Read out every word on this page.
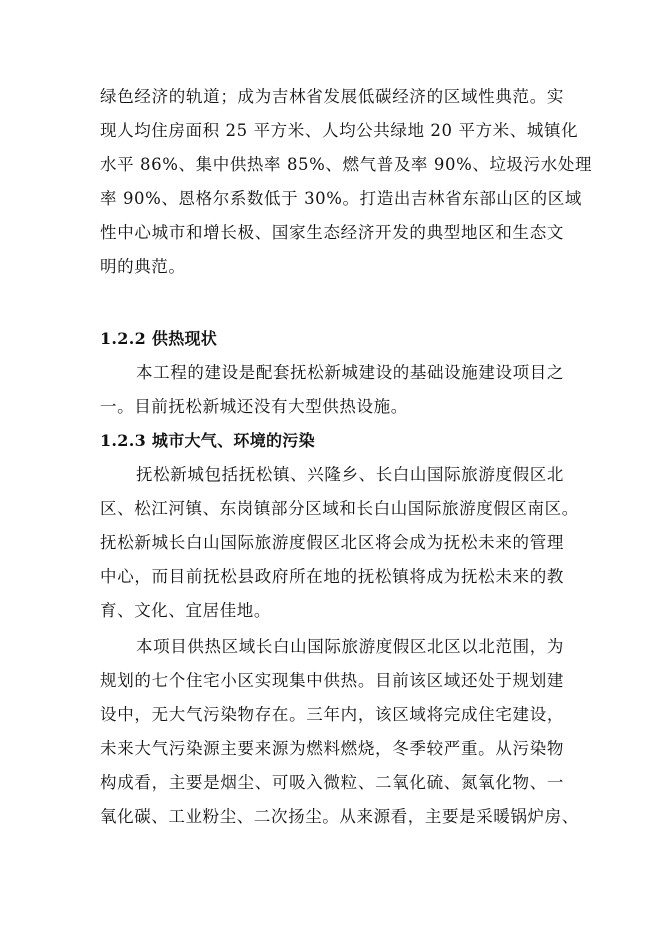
绿色经济的轨道；成为吉林省发展低碳经济的区域性典范。实
现人均住房面积 25 平方米、人均公共绿地 20 平方米、城镇化
水平 86%、集中供热率 85%、燃气普及率 90%、垃圾污水处理
率 90%、恩格尔系数低于 30%。打造出吉林省东部山区的区域
性中心城市和增长极、国家生态经济开发的典型地区和生态文
明的典范。
1.2.2 供热现状
本工程的建设是配套抚松新城建设的基础设施建设项目之
一。目前抚松新城还没有大型供热设施。
1.2.3 城市大气、环境的污染
抚松新城包括抚松镇、兴隆乡、长白山国际旅游度假区北
区、松江河镇、东岗镇部分区域和长白山国际旅游度假区南区。
抚松新城长白山国际旅游度假区北区将会成为抚松未来的管理
中心，而目前抚松县政府所在地的抚松镇将成为抚松未来的教
育、文化、宜居佳地。
本项目供热区域长白山国际旅游度假区北区以北范围，为
规划的七个住宅小区实现集中供热。目前该区域还处于规划建
设中，无大气污染物存在。三年内，该区域将完成住宅建设，
未来大气污染源主要来源为燃料燃烧，冬季较严重。从污染物
构成看，主要是烟尘、可吸入微粒、二氧化硫、氮氧化物、一
氧化碳、工业粉尘、二次扬尘。从来源看，主要是采暖锅炉房、
